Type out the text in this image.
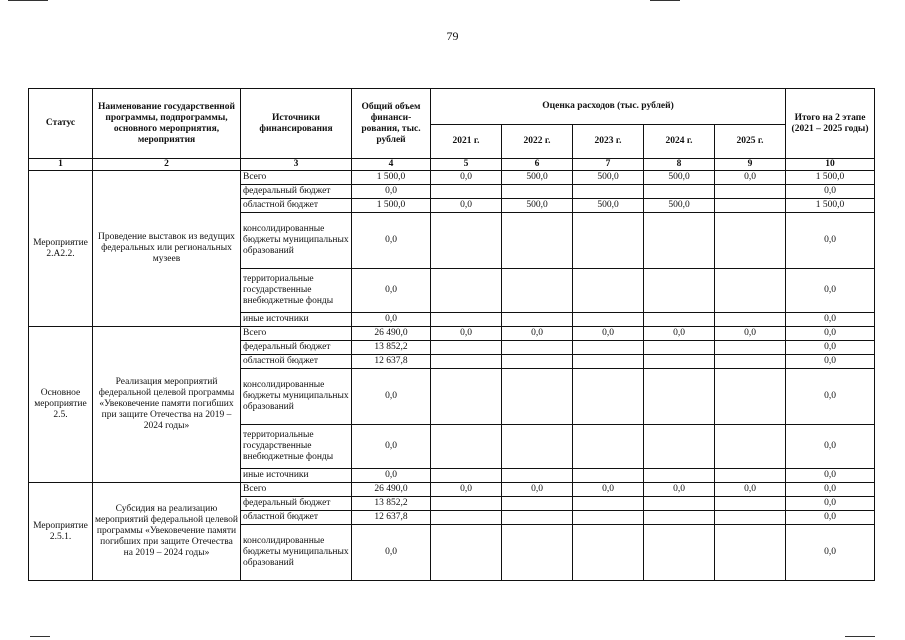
79
Статус	Наименование государственной программы, подпрограммы, основного мероприятия, мероприятия	Источники финансирования	Общий объем финанси-рования, тыс. рублей	Оценка расходов (тыс. рублей)					Итого на 2 этапе (2021 – 2025 годы)
				2021 г.	2022 г.	2023 г.	2024 г.	2025 г.	
1	2	3	4	5	6	7	8	9	10
Мероприятие 2.А2.2.	Проведение выставок из ведущих федеральных или региональных музеев	Всего	1 500,0	0,0	500,0	500,0	500,0	0,0	1 500,0
		федеральный бюджет	0,0						0,0
		областной бюджет	1 500,0	0,0	500,0	500,0	500,0		1 500,0
		консолидированные бюджеты муниципальных образований	0,0						0,0
		территориальные государственные внебюджетные фонды	0,0						0,0
		иные источники	0,0						0,0
Основное мероприятие 2.5.	Реализация мероприятий федеральной целевой программы «Увековечение памяти погибших при защите Отечества на 2019 – 2024 годы»	Всего	26 490,0	0,0	0,0	0,0	0,0	0,0	0,0
		федеральный бюджет	13 852,2						0,0
		областной бюджет	12 637,8						0,0
		консолидированные бюджеты муниципальных образований	0,0						0,0
		территориальные государственные внебюджетные фонды	0,0						0,0
		иные источники	0,0						0,0
Мероприятие 2.5.1.	Субсидия на реализацию мероприятий федеральной целевой программы «Увековечение памяти погибших при защите Отечества на 2019 – 2024 годы»	Всего	26 490,0	0,0	0,0	0,0	0,0	0,0	0,0
		федеральный бюджет	13 852,2						0,0
		областной бюджет	12 637,8						0,0
		консолидированные бюджеты муниципальных образований	0,0						0,0
